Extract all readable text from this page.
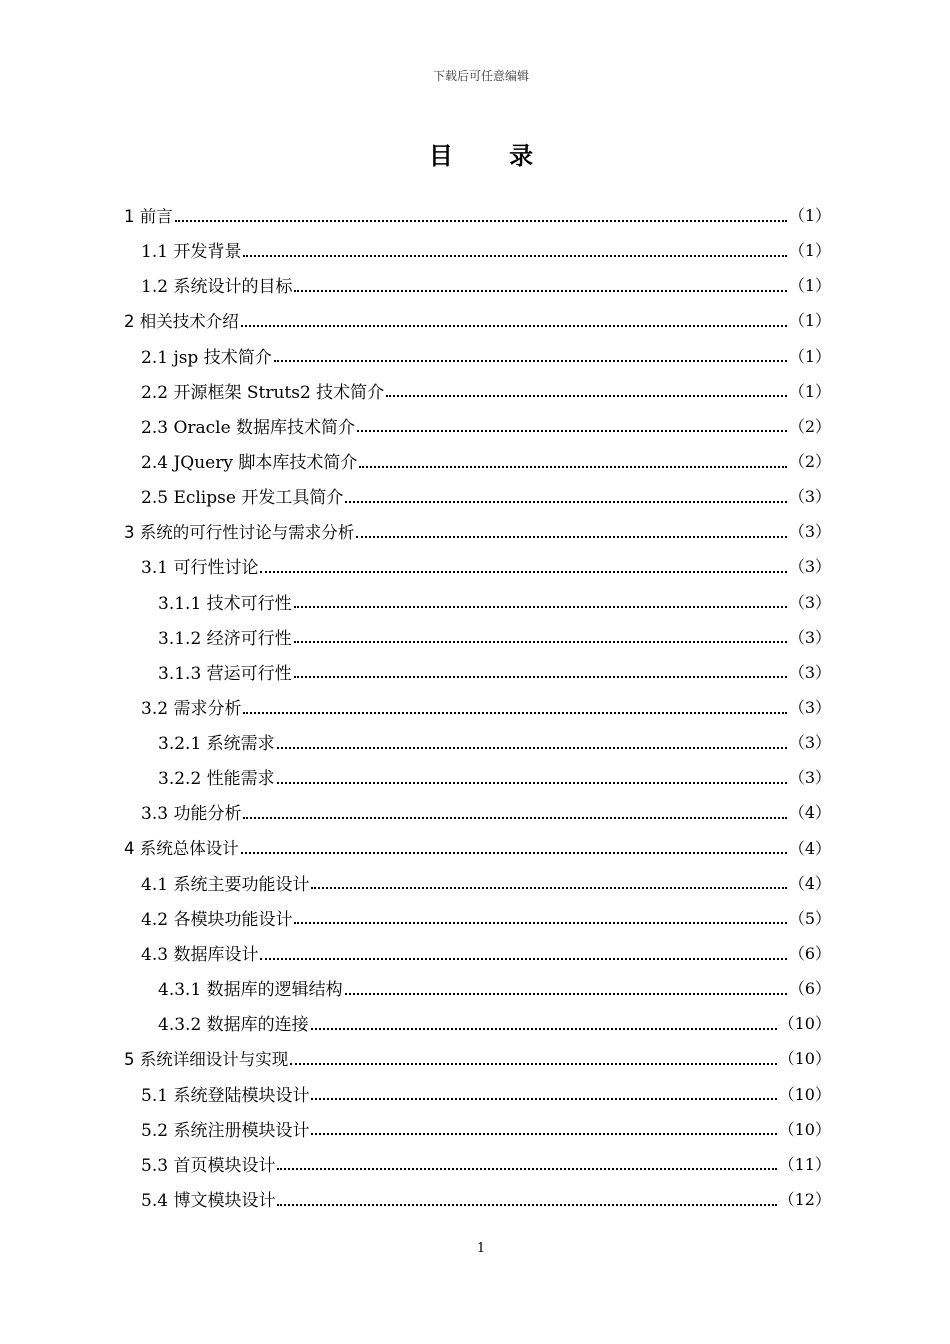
下载后可任意编辑
目 录
1 前言	（1）
1.1 开发背景	（1）
1.2 系统设计的目标	（1）
2 相关技术介绍	（1）
2.1 jsp 技术简介	（1）
2.2 开源框架 Struts2 技术简介	（1）
2.3 Oracle 数据库技术简介	（2）
2.4 JQuery 脚本库技术简介	（2）
2.5 Eclipse 开发工具简介	（3）
3 系统的可行性讨论与需求分析	（3）
3.1 可行性讨论	（3）
3.1.1 技术可行性	（3）
3.1.2 经济可行性	（3）
3.1.3 营运可行性	（3）
3.2 需求分析	（3）
3.2.1 系统需求	（3）
3.2.2 性能需求	（3）
3.3 功能分析	（4）
4 系统总体设计	（4）
4.1 系统主要功能设计	（4）
4.2 各模块功能设计	（5）
4.3 数据库设计	（6）
4.3.1 数据库的逻辑结构	（6）
4.3.2 数据库的连接	（10）
5 系统详细设计与实现	（10）
5.1 系统登陆模块设计	（10）
5.2 系统注册模块设计	（10）
5.3 首页模块设计	（11）
5.4 博文模块设计	（12）
1
